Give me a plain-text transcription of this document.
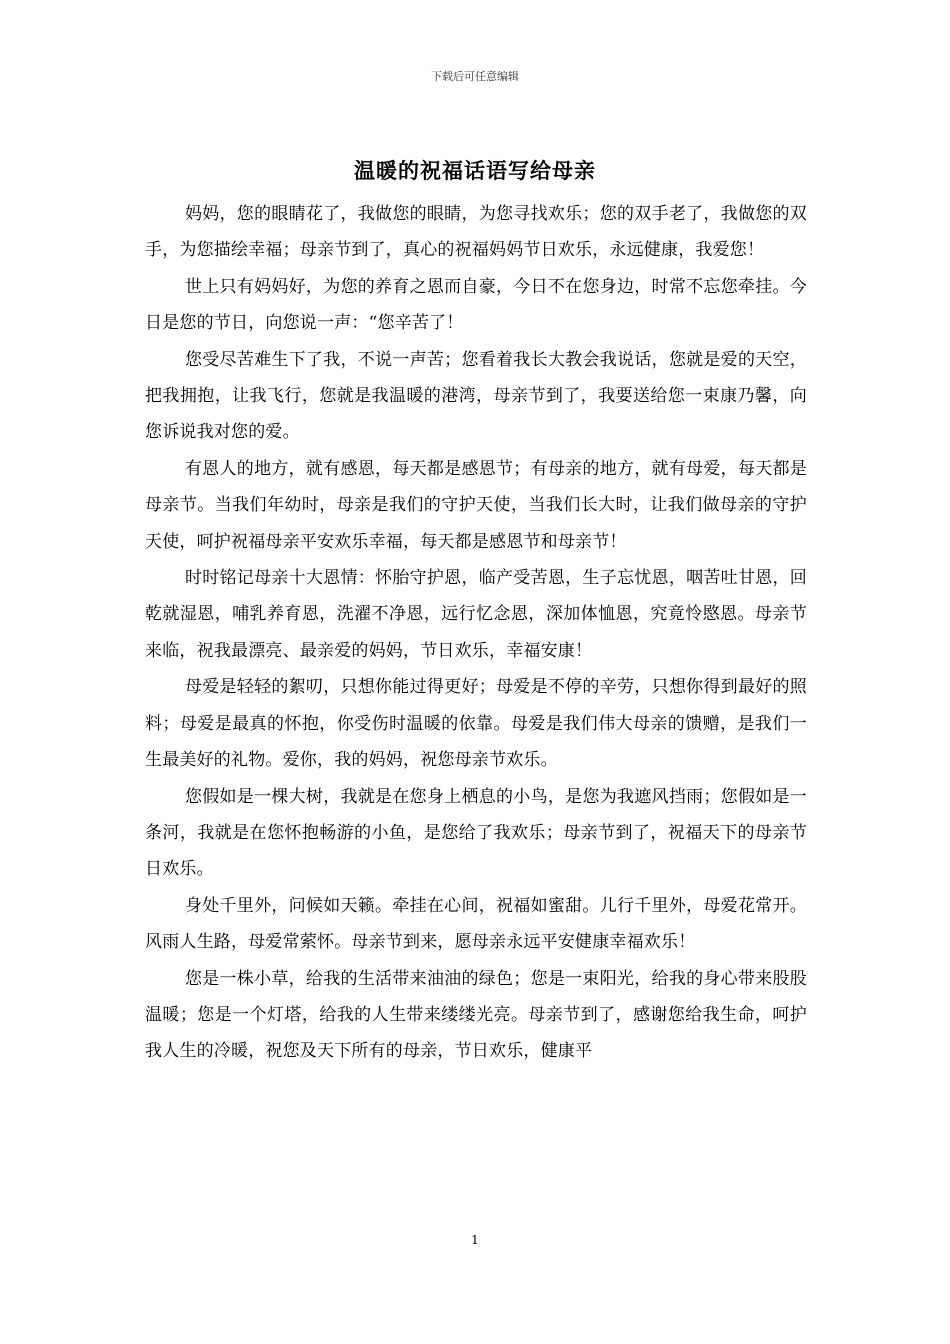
下载后可任意编辑
温暖的祝福话语写给母亲

妈妈，您的眼睛花了，我做您的眼睛，为您寻找欢乐；您的双手老了，我做您的双手，为您描绘幸福；母亲节到了，真心的祝福妈妈节日欢乐，永远健康，我爱您！

世上只有妈妈好，为您的养育之恩而自豪，今日不在您身边，时常不忘您牵挂。今日是您的节日，向您说一声：“您辛苦了！

您受尽苦难生下了我，不说一声苦；您看着我长大教会我说话，您就是爱的天空，把我拥抱，让我飞行，您就是我温暖的港湾，母亲节到了，我要送给您一束康乃馨，向您诉说我对您的爱。

有恩人的地方，就有感恩，每天都是感恩节；有母亲的地方，就有母爱，每天都是母亲节。当我们年幼时，母亲是我们的守护天使，当我们长大时，让我们做母亲的守护天使，呵护祝福母亲平安欢乐幸福，每天都是感恩节和母亲节！

时时铭记母亲十大恩情：怀胎守护恩，临产受苦恩，生子忘忧恩，咽苦吐甘恩，回乾就湿恩，哺乳养育恩，洗濯不净恩，远行忆念恩，深加体恤恩，究竟怜愍恩。母亲节来临，祝我最漂亮、最亲爱的妈妈，节日欢乐，幸福安康！

母爱是轻轻的絮叨，只想你能过得更好；母爱是不停的辛劳，只想你得到最好的照料；母爱是最真的怀抱，你受伤时温暖的依靠。母爱是我们伟大母亲的馈赠，是我们一生最美好的礼物。爱你，我的妈妈，祝您母亲节欢乐。

您假如是一棵大树，我就是在您身上栖息的小鸟，是您为我遮风挡雨；您假如是一条河，我就是在您怀抱畅游的小鱼，是您给了我欢乐；母亲节到了，祝福天下的母亲节日欢乐。

身处千里外，问候如天籁。牵挂在心间，祝福如蜜甜。儿行千里外，母爱花常开。风雨人生路，母爱常萦怀。母亲节到来，愿母亲永远平安健康幸福欢乐！

您是一株小草，给我的生活带来油油的绿色；您是一束阳光，给我的身心带来股股温暖；您是一个灯塔，给我的人生带来缕缕光亮。母亲节到了，感谢您给我生命，呵护我人生的冷暖，祝您及天下所有的母亲，节日欢乐，健康平

1
